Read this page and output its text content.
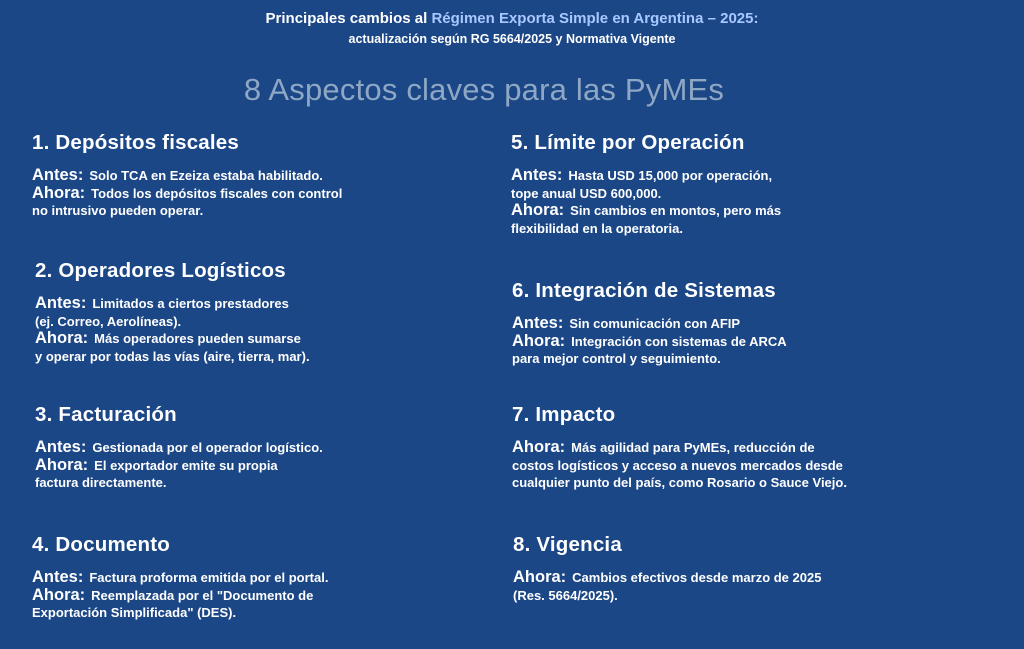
Principales cambios al Régimen Exporta Simple en Argentina – 2025:
actualización según RG 5664/2025 y Normativa Vigente
8 Aspectos claves para las PyMEs
1. Depósitos fiscales
Antes: Solo TCA en Ezeiza estaba habilitado.
Ahora: Todos los depósitos fiscales con control
no intrusivo pueden operar.
2. Operadores Logísticos
Antes: Limitados a ciertos prestadores
(ej. Correo, Aerolíneas).
Ahora: Más operadores pueden sumarse
y operar por todas las vías (aire, tierra, mar).
3. Facturación
Antes: Gestionada por el operador logístico.
Ahora: El exportador emite su propia
factura directamente.
4. Documento
Antes: Factura proforma emitida por el portal.
Ahora: Reemplazada por el "Documento de
Exportación Simplificada" (DES).
5. Límite por Operación
Antes: Hasta USD 15,000 por operación,
tope anual USD 600,000.
Ahora: Sin cambios en montos, pero más
flexibilidad en la operatoria.
6. Integración de Sistemas
Antes: Sin comunicación con AFIP
Ahora: Integración con sistemas de ARCA
para mejor control y seguimiento.
7. Impacto
Ahora: Más agilidad para PyMEs, reducción de
costos logísticos y acceso a nuevos mercados desde
cualquier punto del país, como Rosario o Sauce Viejo.
8. Vigencia
Ahora: Cambios efectivos desde marzo de 2025
(Res. 5664/2025).
